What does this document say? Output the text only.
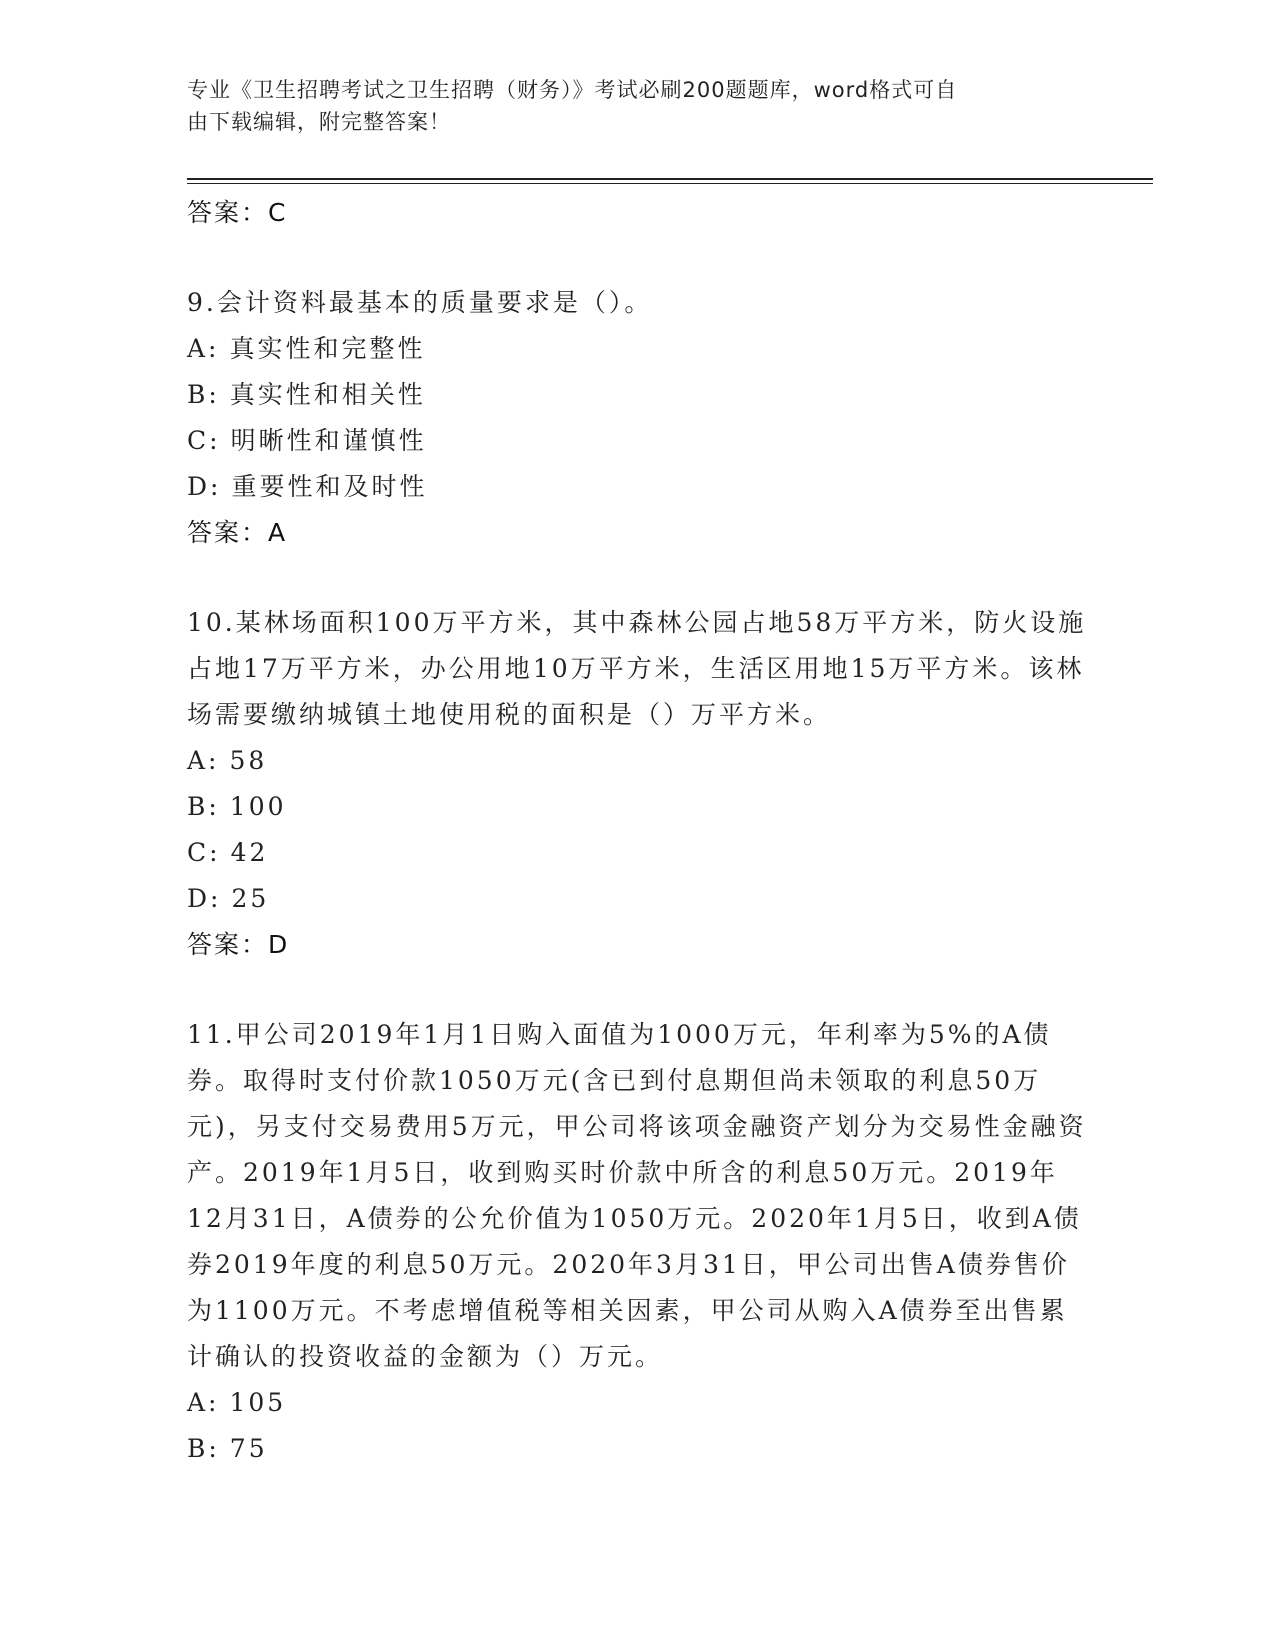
专业《卫生招聘考试之卫生招聘（财务）》考试必刷200题题库，word格式可自
由下载编辑，附完整答案！
答案：C
9.会计资料最基本的质量要求是（）。
A: 真实性和完整性
B: 真实性和相关性
C: 明晰性和谨慎性
D: 重要性和及时性
答案：A
10.某林场面积100万平方米，其中森林公园占地58万平方米，防火设施占地17万平方米，办公用地10万平方米，生活区用地15万平方米。该林场需要缴纳城镇土地使用税的面积是（）万平方米。
A: 58
B: 100
C: 42
D: 25
答案：D
11.甲公司2019年1月1日购入面值为1000万元，年利率为5%的A债券。取得时支付价款1050万元(含已到付息期但尚未领取的利息50万元)，另支付交易费用5万元，甲公司将该项金融资产划分为交易性金融资产。2019年1月5日，收到购买时价款中所含的利息50万元。2019年12月31日，A债券的公允价值为1050万元。2020年1月5日，收到A债券2019年度的利息50万元。2020年3月31日，甲公司出售A债券售价为1100万元。不考虑增值税等相关因素，甲公司从购入A债券至出售累计确认的投资收益的金额为（）万元。
A: 105
B: 75
